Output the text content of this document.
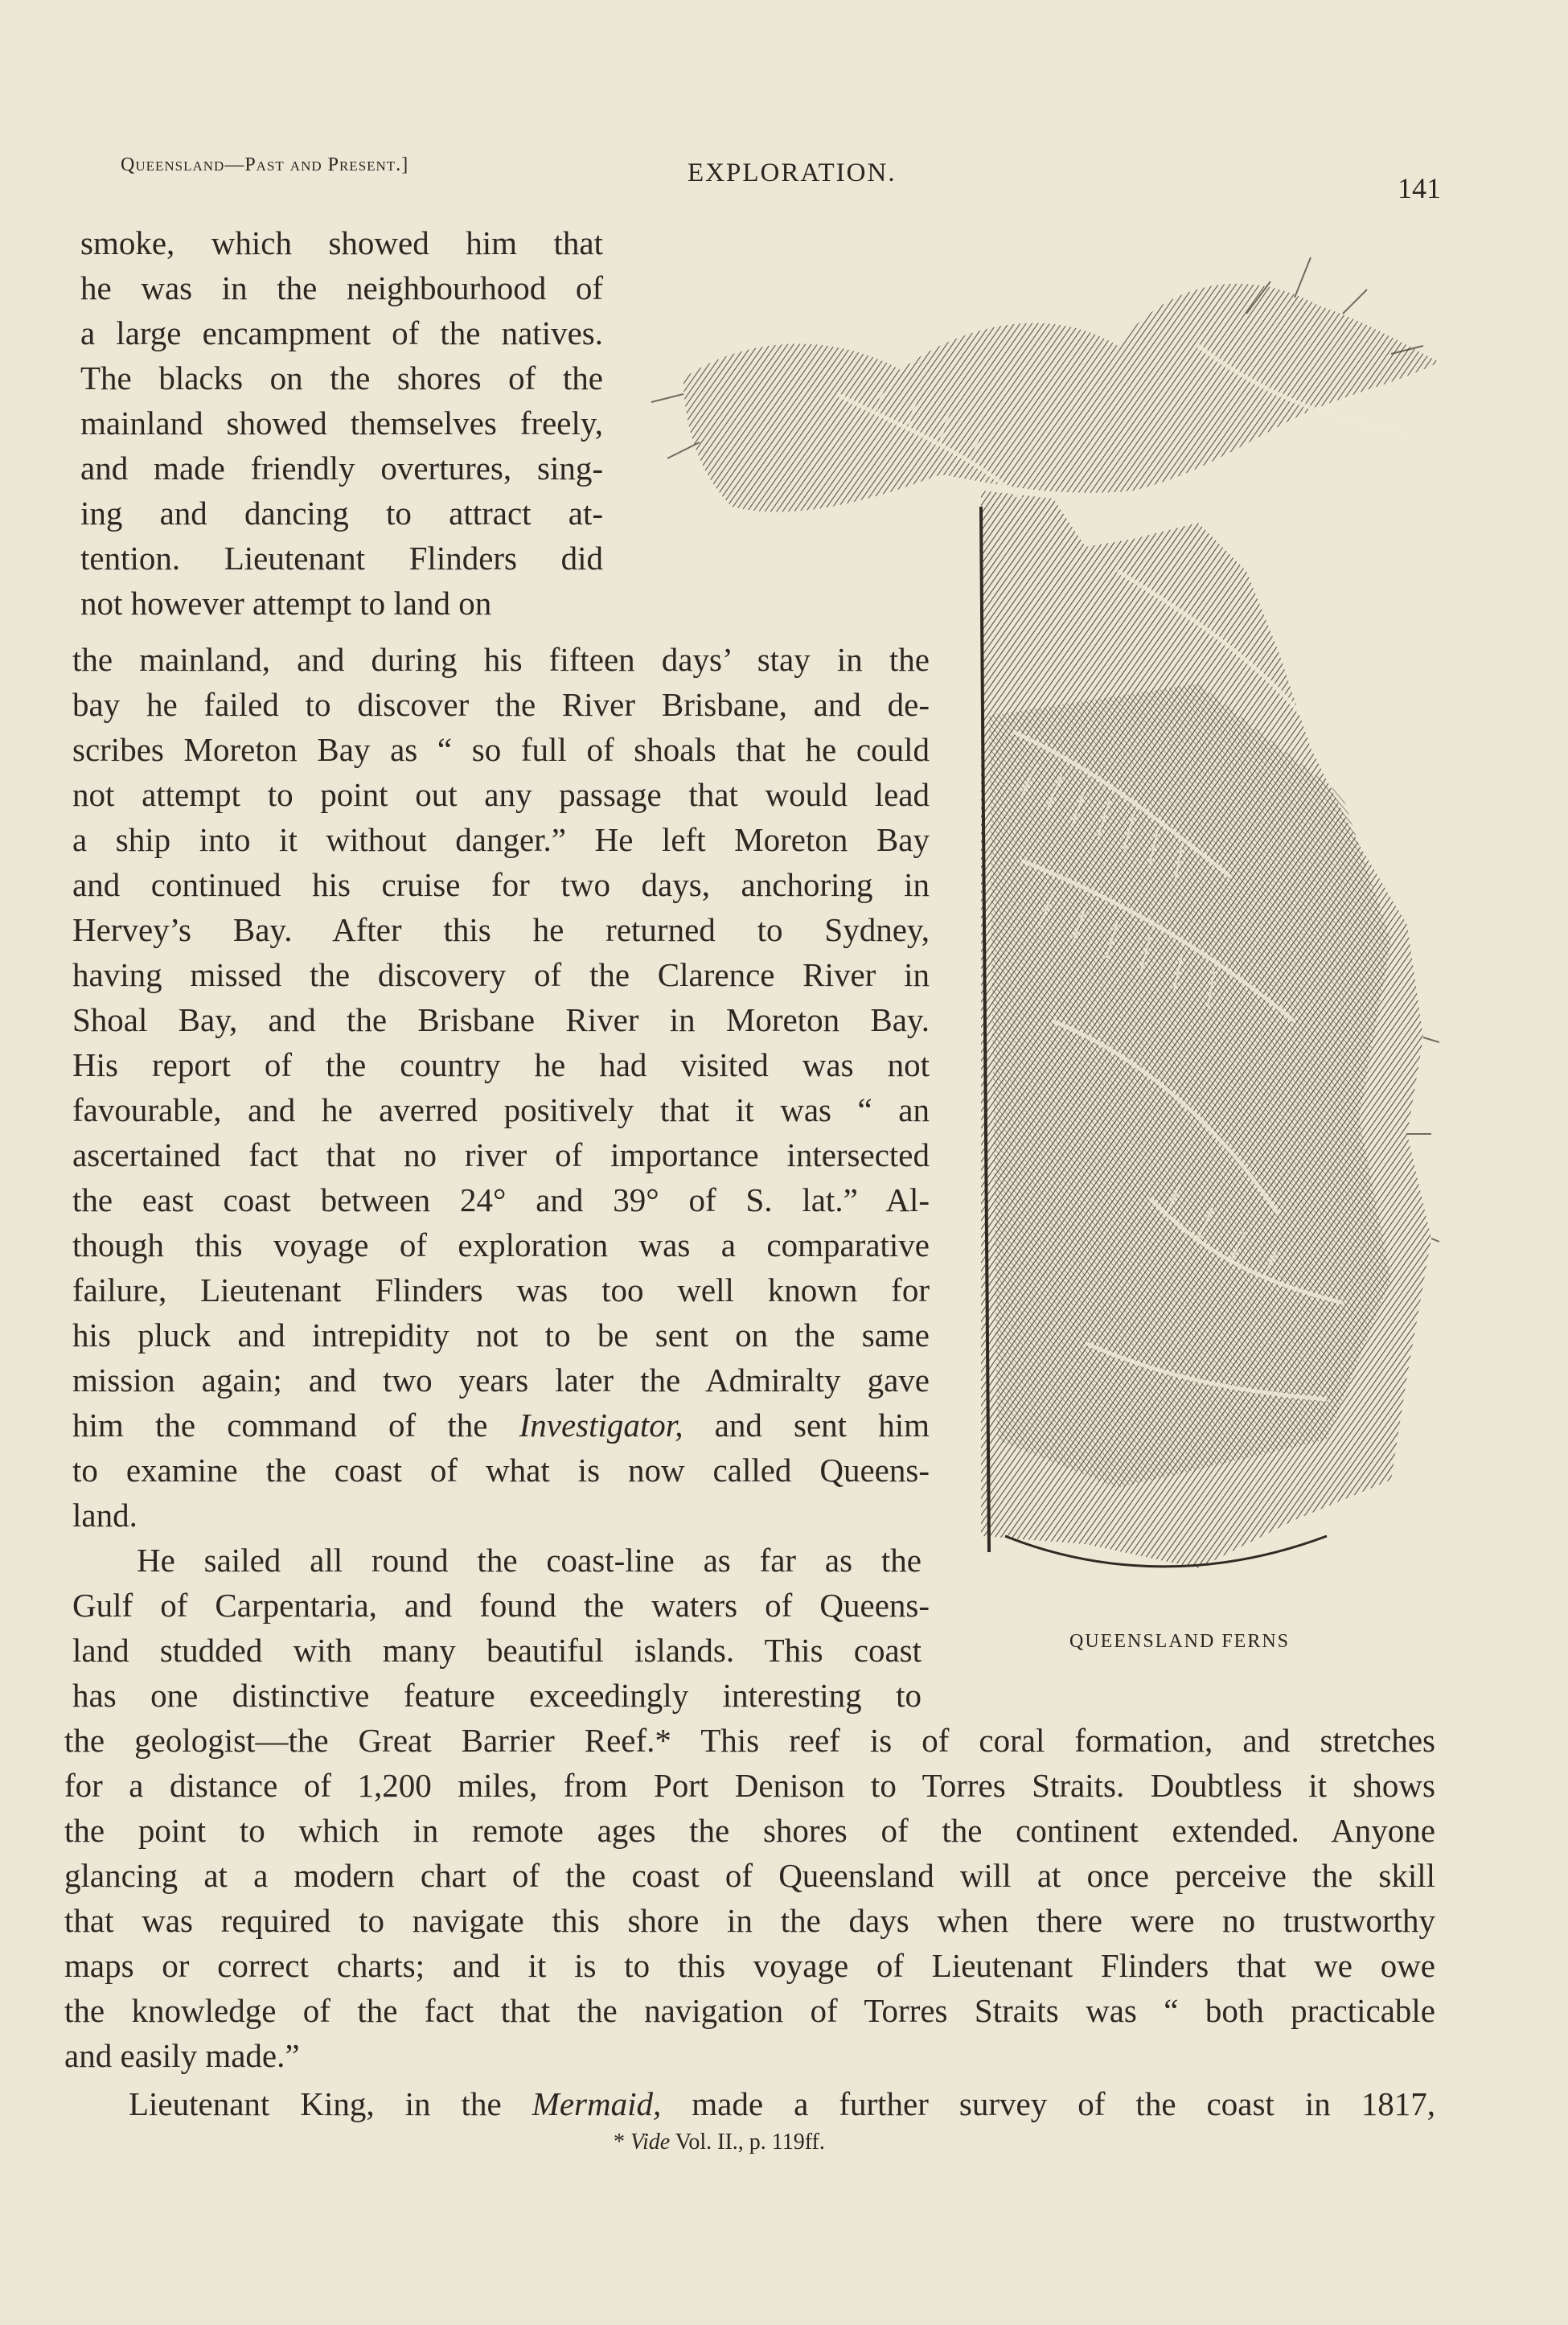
Queensland—Past and Present.]	EXPLORATION.	141
smoke, which showed him that
he was in the neighbourhood of
a large encampment of the natives.
The blacks on the shores of the
mainland showed themselves freely,
and made friendly overtures, sing-
ing and dancing to attract at-
tention. Lieutenant Flinders did
not however attempt to land on
the mainland, and during his fifteen days’ stay in the
bay he failed to discover the River Brisbane, and de-
scribes Moreton Bay as “ so full of shoals that he could
not attempt to point out any passage that would lead
a ship into it without danger.” He left Moreton Bay
and continued his cruise for two days, anchoring in
Hervey’s Bay. After this he returned to Sydney,
having missed the discovery of the Clarence River in
Shoal Bay, and the Brisbane River in Moreton Bay.
His report of the country he had visited was not
favourable, and he averred positively that it was “ an
ascertained fact that no river of importance intersected
the east coast between 24° and 39° of S. lat.” Al-
though this voyage of exploration was a comparative
failure, Lieutenant Flinders was too well known for
his pluck and intrepidity not to be sent on the same
mission again; and two years later the Admiralty gave
him the command of the Investigator, and sent him
to examine the coast of what is now called Queens-
land.
He sailed all round the coast-line as far as the
Gulf of Carpentaria, and found the waters of Queens-
land studded with many beautiful islands. This coast
has one distinctive feature exceedingly interesting to
the geologist—the Great Barrier Reef.* This reef is of coral formation, and stretches
for a distance of 1,200 miles, from Port Denison to Torres Straits. Doubtless it shows
the point to which in remote ages the shores of the continent extended. Anyone
glancing at a modern chart of the coast of Queensland will at once perceive the skill
that was required to navigate this shore in the days when there were no trustworthy
maps or correct charts; and it is to this voyage of Lieutenant Flinders that we owe
the knowledge of the fact that the navigation of Torres Straits was “ both practicable
and easily made.”
Lieutenant King, in the Mermaid, made a further survey of the coast in 1817,
QUEENSLAND FERNS
* Vide Vol. II., p. 119ff.
